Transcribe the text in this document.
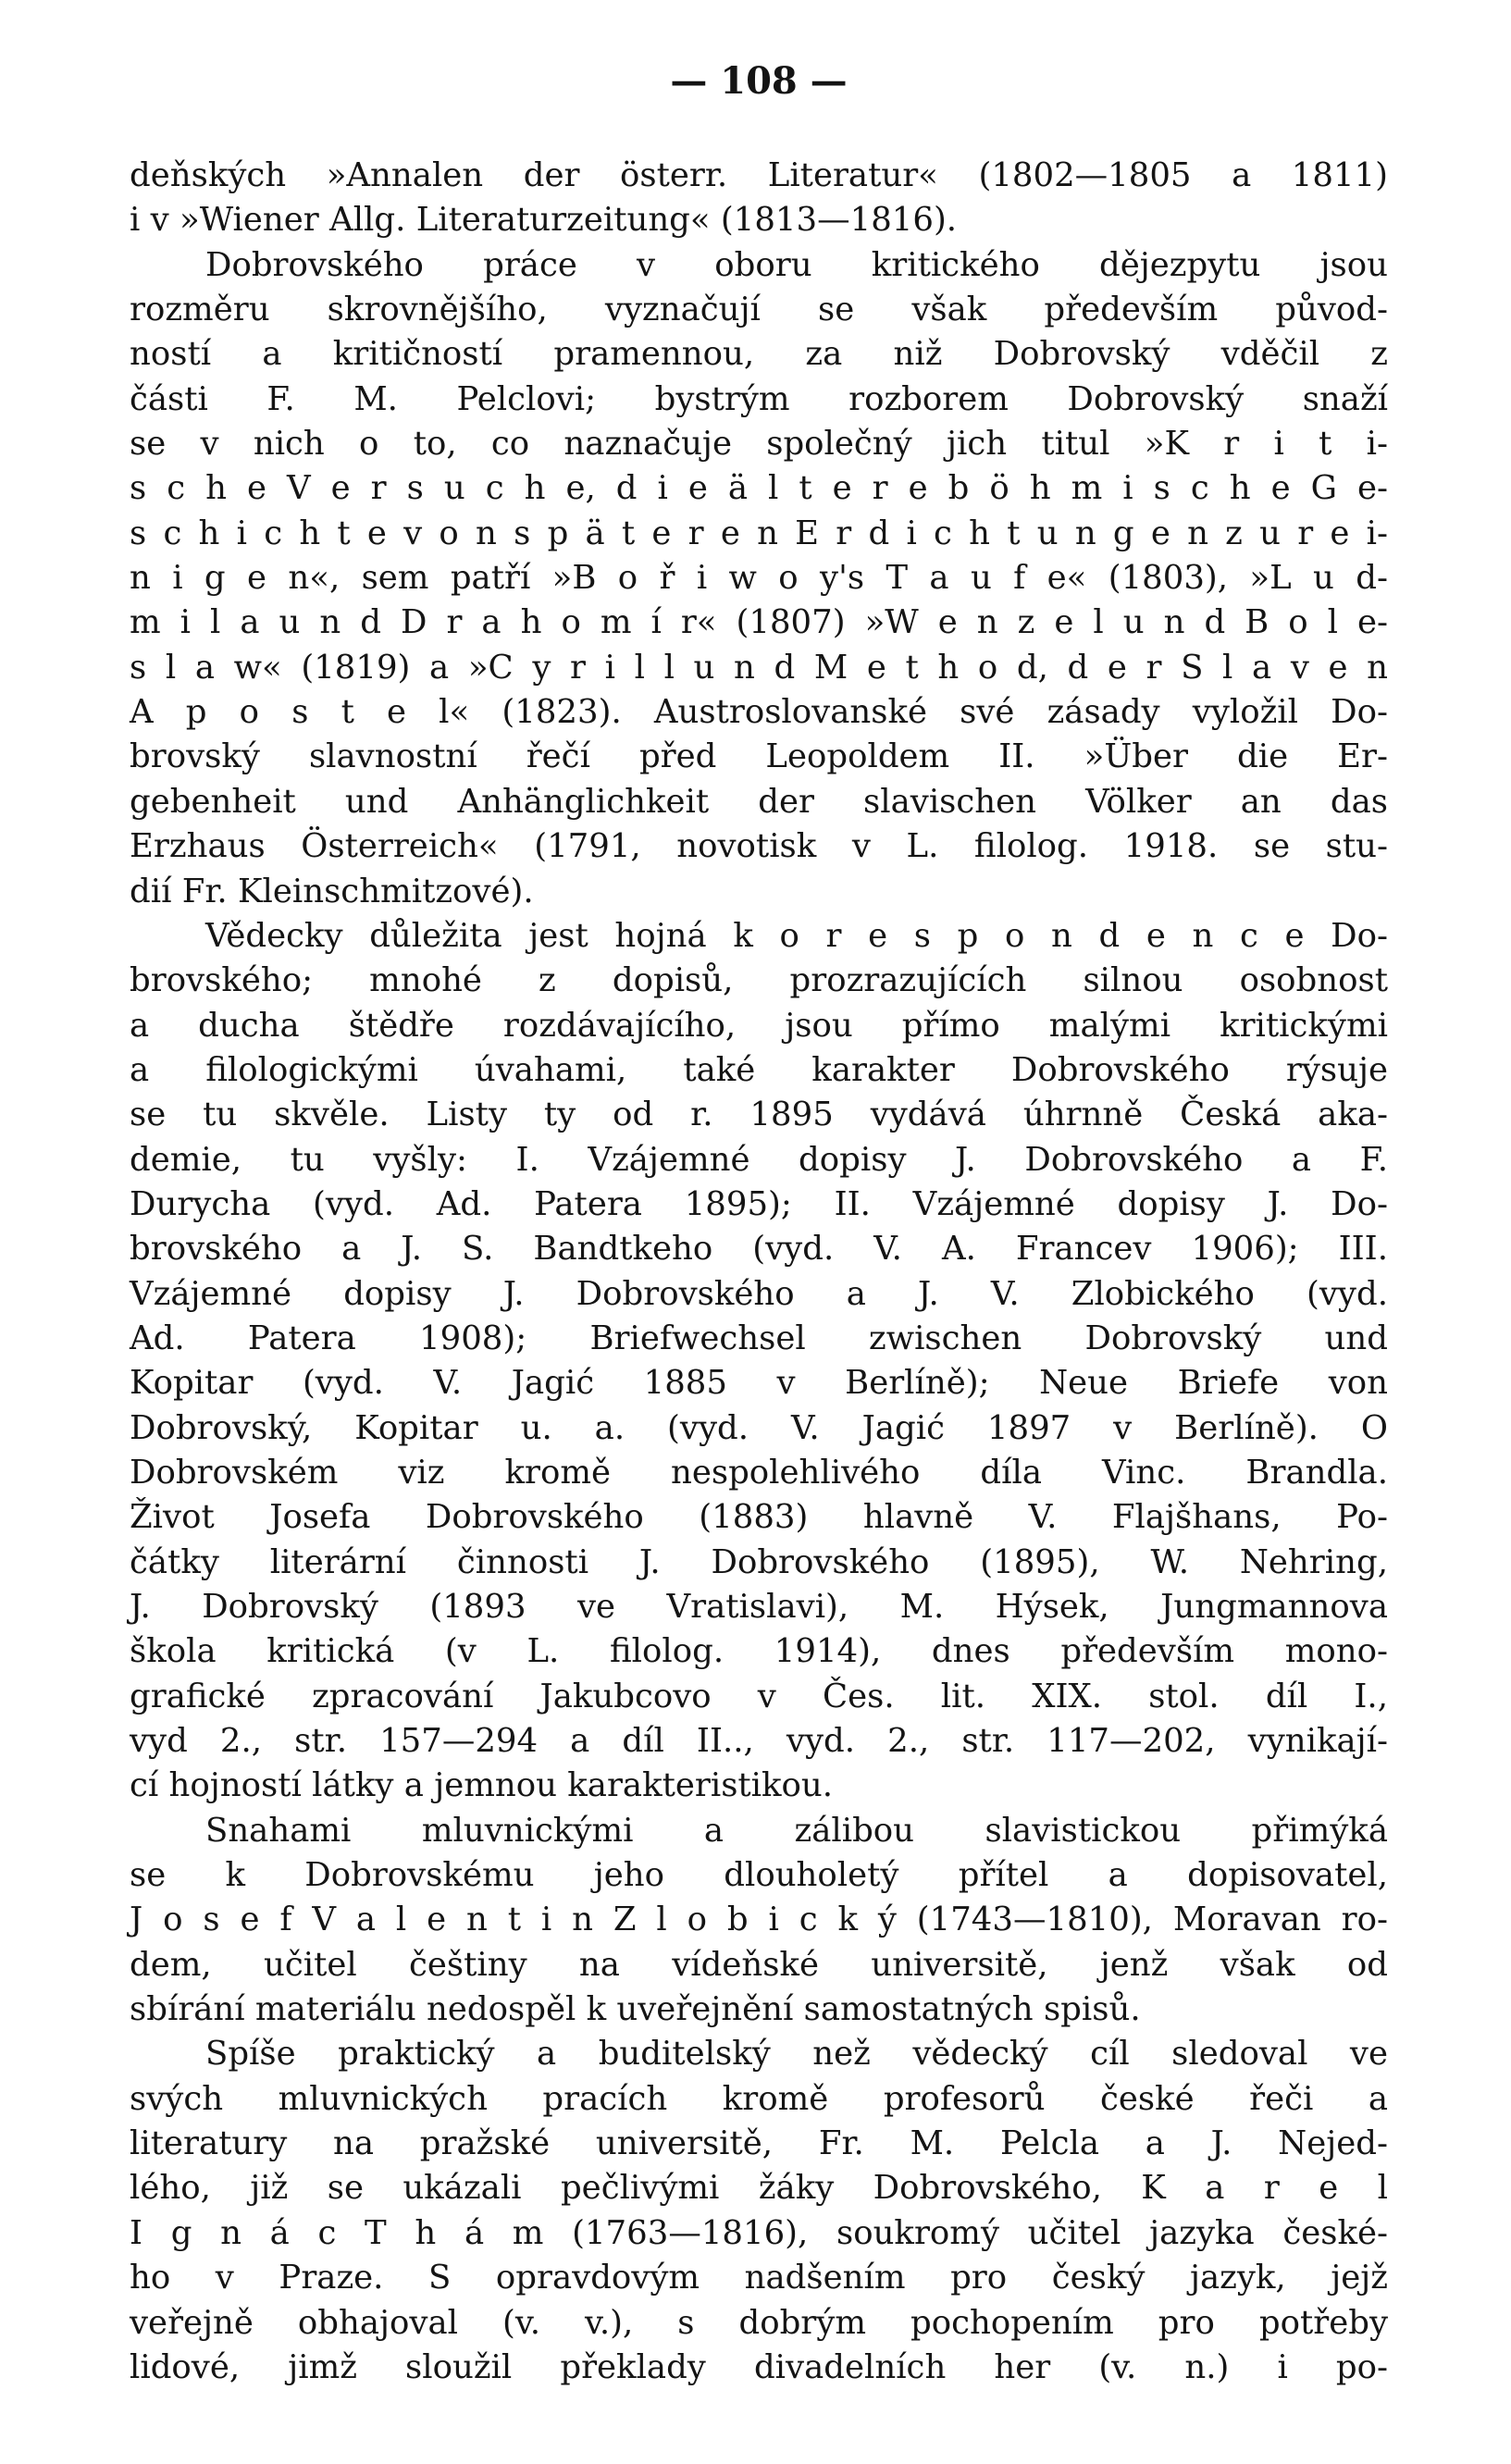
— 108 —
deňských »Annalen der österr. Literatur« (1802—1805 a 1811)
i v »Wiener Allg. Literaturzeitung« (1813—1816).
Dobrovského práce v oboru kritického dějezpytu jsou
rozměru skrovnějšího, vyznačují se však především původ-
ností a kritičností pramennou, za niž Dobrovský vděčil z
části F. M. Pelclovi; bystrým rozborem Dobrovský snaží
se v nich o to, co naznačuje společný jich titul »K r i t i-
s c h e V e r s u c h e, d i e ä l t e r e b ö h m i s c h e G e-
s c h i c h t e v o n s p ä t e r e n E r d i c h t u n g e n z u r e i-
n i g e n«, sem patří »B o ř i w o y's T a u f e« (1803), »L u d-
m i l a u n d D r a h o m í r« (1807) »W e n z e l u n d B o l e-
s l a w« (1819) a »C y r i l l u n d M e t h o d, d e r S l a v e n
A p o s t e l« (1823). Austroslovanské své zásady vyložil Do-
brovský slavnostní řečí před Leopoldem II. »Über die Er-
gebenheit und Anhänglichkeit der slavischen Völker an das
Erzhaus Österreich« (1791, novotisk v L. filolog. 1918. se stu-
dií Fr. Kleinschmitzové).
Vědecky důležita jest hojná k o r e s p o n d e n c e Do-
brovského; mnohé z dopisů, prozrazujících silnou osobnost
a ducha štědře rozdávajícího, jsou přímo malými kritickými
a filologickými úvahami, také karakter Dobrovského rýsuje
se tu skvěle. Listy ty od r. 1895 vydává úhrnně Česká aka-
demie, tu vyšly: I. Vzájemné dopisy J. Dobrovského a F.
Durycha (vyd. Ad. Patera 1895); II. Vzájemné dopisy J. Do-
brovského a J. S. Bandtkeho (vyd. V. A. Francev 1906); III.
Vzájemné dopisy J. Dobrovského a J. V. Zlobického (vyd.
Ad. Patera 1908); Briefwechsel zwischen Dobrovský und
Kopitar (vyd. V. Jagić 1885 v Berlíně); Neue Briefe von
Dobrovský, Kopitar u. a. (vyd. V. Jagić 1897 v Berlíně). O
Dobrovském viz kromě nespolehlivého díla Vinc. Brandla.
Život Josefa Dobrovského (1883) hlavně V. Flajšhans, Po-
čátky literární činnosti J. Dobrovského (1895), W. Nehring,
J. Dobrovský (1893 ve Vratislavi), M. Hýsek, Jungmannova
škola kritická (v L. filolog. 1914), dnes především mono-
grafické zpracování Jakubcovo v Čes. lit. XIX. stol. díl I.,
vyd 2., str. 157—294 a díl II.., vyd. 2., str. 117—202, vynikají-
cí hojností látky a jemnou karakteristikou.
Snahami mluvnickými a zálibou slavistickou přimýká
se k Dobrovskému jeho dlouholetý přítel a dopisovatel,
J o s e f V a l e n t i n Z l o b i c k ý (1743—1810), Moravan ro-
dem, učitel češtiny na vídeňské universitě, jenž však od
sbírání materiálu nedospěl k uveřejnění samostatných spisů.
Spíše praktický a buditelský než vědecký cíl sledoval ve
svých mluvnických pracích kromě profesorů české řeči a
literatury na pražské universitě, Fr. M. Pelcla a J. Nejed-
lého, již se ukázali pečlivými žáky Dobrovského, K a r e l
I g n á c T h á m (1763—1816), soukromý učitel jazyka české-
ho v Praze. S opravdovým nadšením pro český jazyk, jejž
veřejně obhajoval (v. v.), s dobrým pochopením pro potřeby
lidové, jimž sloužil překlady divadelních her (v. n.) i po-
